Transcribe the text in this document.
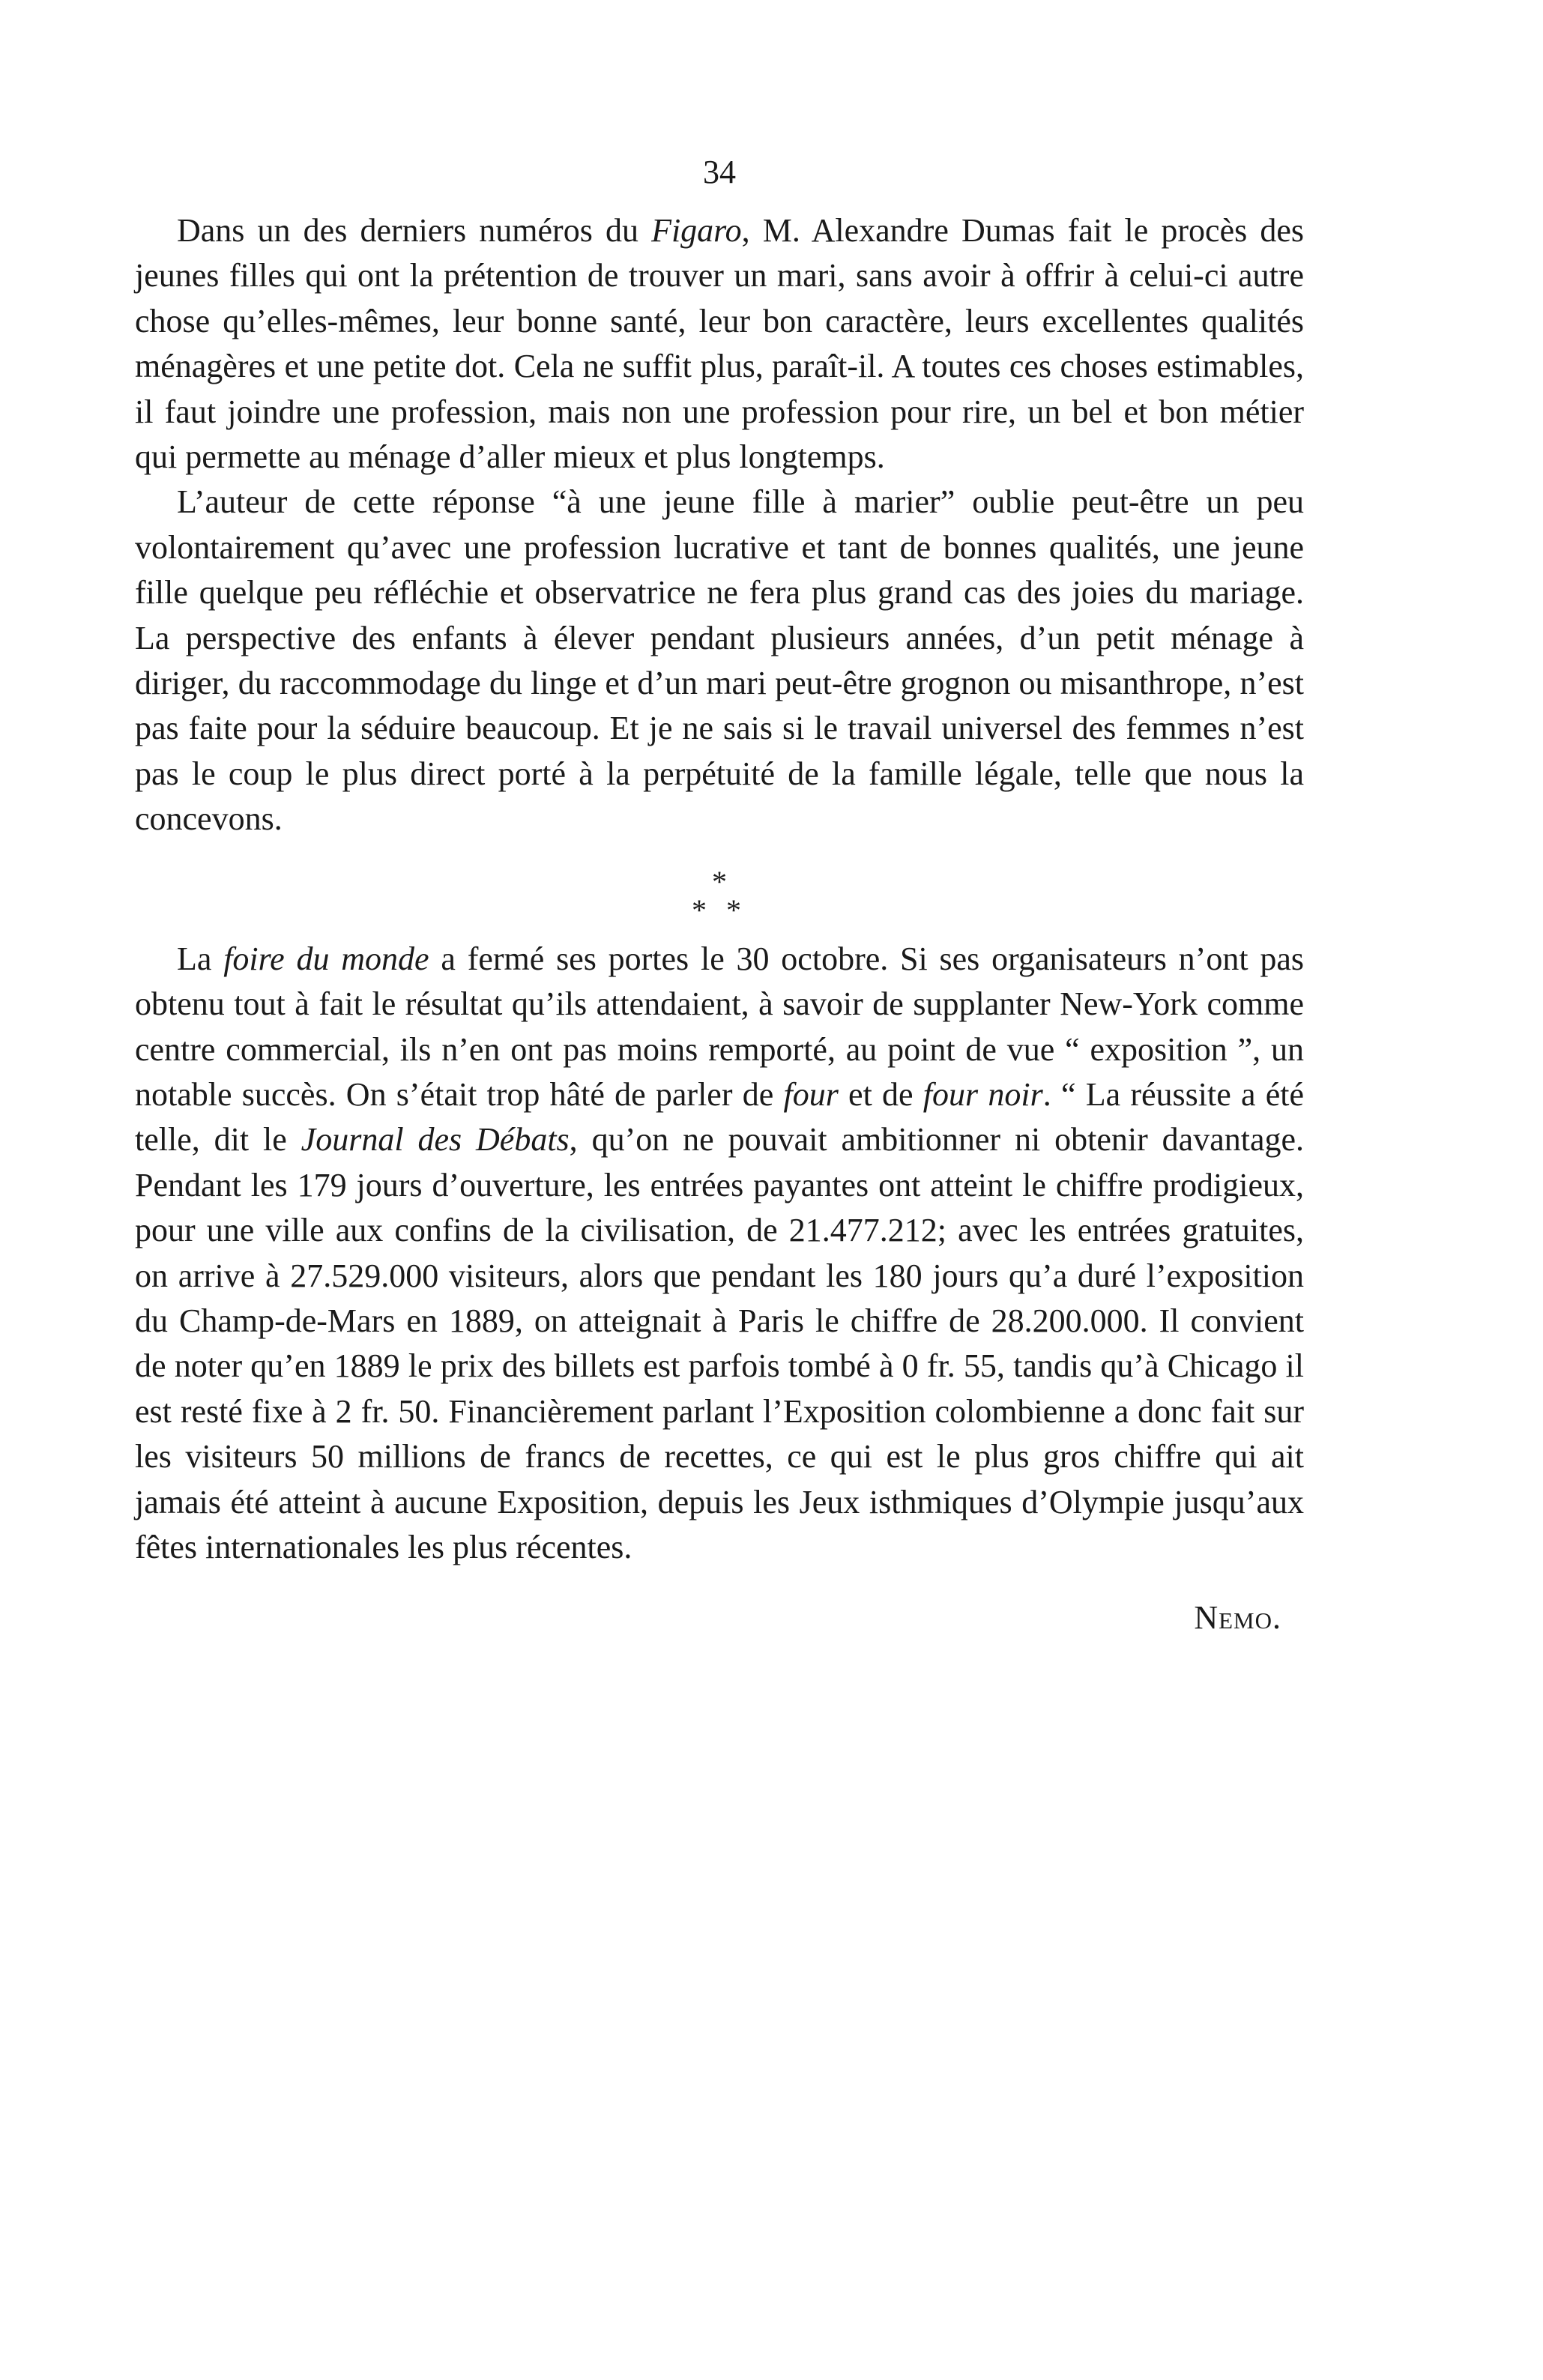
34

Dans un des derniers numéros du Figaro, M. Alexandre Dumas fait le procès des jeunes filles qui ont la prétention de trouver un mari, sans avoir à offrir à celui-ci autre chose qu’elles-mêmes, leur bonne santé, leur bon caractère, leurs excellentes qualités ménagères et une petite dot. Cela ne suffit plus, paraît-il. A toutes ces choses estimables, il faut joindre une profession, mais non une profession pour rire, un bel et bon métier qui permette au ménage d’aller mieux et plus longtemps.

L’auteur de cette réponse “à une jeune fille à marier” oublie peut-être un peu volontairement qu’avec une profession lucrative et tant de bonnes qualités, une jeune fille quelque peu réfléchie et observatrice ne fera plus grand cas des joies du mariage. La perspective des enfants à élever pendant plusieurs années, d’un petit ménage à diriger, du raccommodage du linge et d’un mari peut-être grognon ou misanthrope, n’est pas faite pour la séduire beaucoup. Et je ne sais si le travail universel des femmes n’est pas le coup le plus direct porté à la perpétuité de la famille légale, telle que nous la concevons.

*
* *

La foire du monde a fermé ses portes le 30 octobre. Si ses organisateurs n’ont pas obtenu tout à fait le résultat qu’ils attendaient, à savoir de supplanter New-York comme centre commercial, ils n’en ont pas moins remporté, au point de vue “ exposition ”, un notable succès. On s’était trop hâté de parler de four et de four noir. “ La réussite a été telle, dit le Journal des Débats, qu’on ne pouvait ambitionner ni obtenir davantage. Pendant les 179 jours d’ouverture, les entrées payantes ont atteint le chiffre prodigieux, pour une ville aux confins de la civilisation, de 21.477.212; avec les entrées gratuites, on arrive à 27.529.000 visiteurs, alors que pendant les 180 jours qu’a duré l’exposition du Champ-de-Mars en 1889, on atteignait à Paris le chiffre de 28.200.000. Il convient de noter qu’en 1889 le prix des billets est parfois tombé à 0 fr. 55, tandis qu’à Chicago il est resté fixe à 2 fr. 50. Financièrement parlant l’Exposition colombienne a donc fait sur les visiteurs 50 millions de francs de recettes, ce qui est le plus gros chiffre qui ait jamais été atteint à aucune Exposition, depuis les Jeux isthmiques d’Olympie jusqu’aux fêtes internationales les plus récentes.

Nemo.
